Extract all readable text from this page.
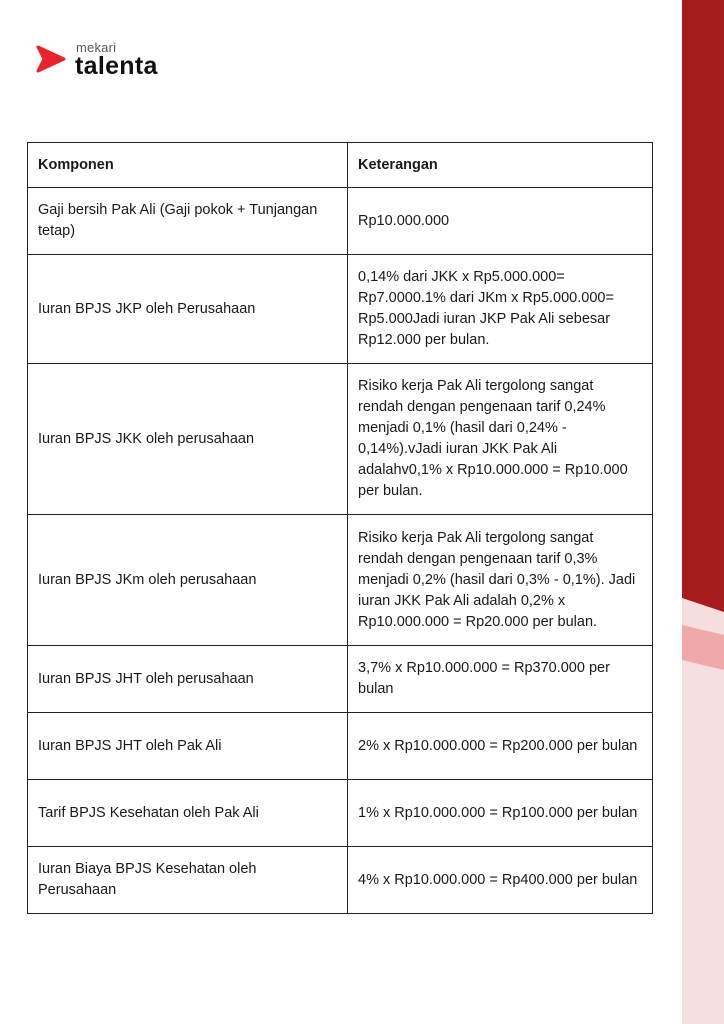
mekari
talenta
Komponen	Keterangan
Gaji bersih Pak Ali (Gaji pokok + Tunjangan tetap)	Rp10.000.000
Iuran BPJS JKP oleh Perusahaan	0,14% dari JKK x Rp5.000.000= Rp7.0000.1% dari JKm x Rp5.000.000= Rp5.000Jadi iuran JKP Pak Ali sebesar Rp12.000 per bulan.
Iuran BPJS JKK oleh perusahaan	Risiko kerja Pak Ali tergolong sangat rendah dengan pengenaan tarif 0,24% menjadi 0,1% (hasil dari 0,24% - 0,14%).vJadi iuran JKK Pak Ali adalahv0,1% x Rp10.000.000 = Rp10.000 per bulan.
Iuran BPJS JKm oleh perusahaan	Risiko kerja Pak Ali tergolong sangat rendah dengan pengenaan tarif 0,3% menjadi 0,2% (hasil dari 0,3% - 0,1%). Jadi iuran JKK Pak Ali adalah 0,2% x Rp10.000.000 = Rp20.000 per bulan.
Iuran BPJS JHT oleh perusahaan	3,7% x Rp10.000.000 = Rp370.000 per bulan
Iuran BPJS JHT oleh Pak Ali	2% x Rp10.000.000 = Rp200.000 per bulan
Tarif BPJS Kesehatan oleh Pak Ali	1% x Rp10.000.000 = Rp100.000 per bulan
Iuran Biaya BPJS Kesehatan oleh Perusahaan	4% x Rp10.000.000 = Rp400.000 per bulan
